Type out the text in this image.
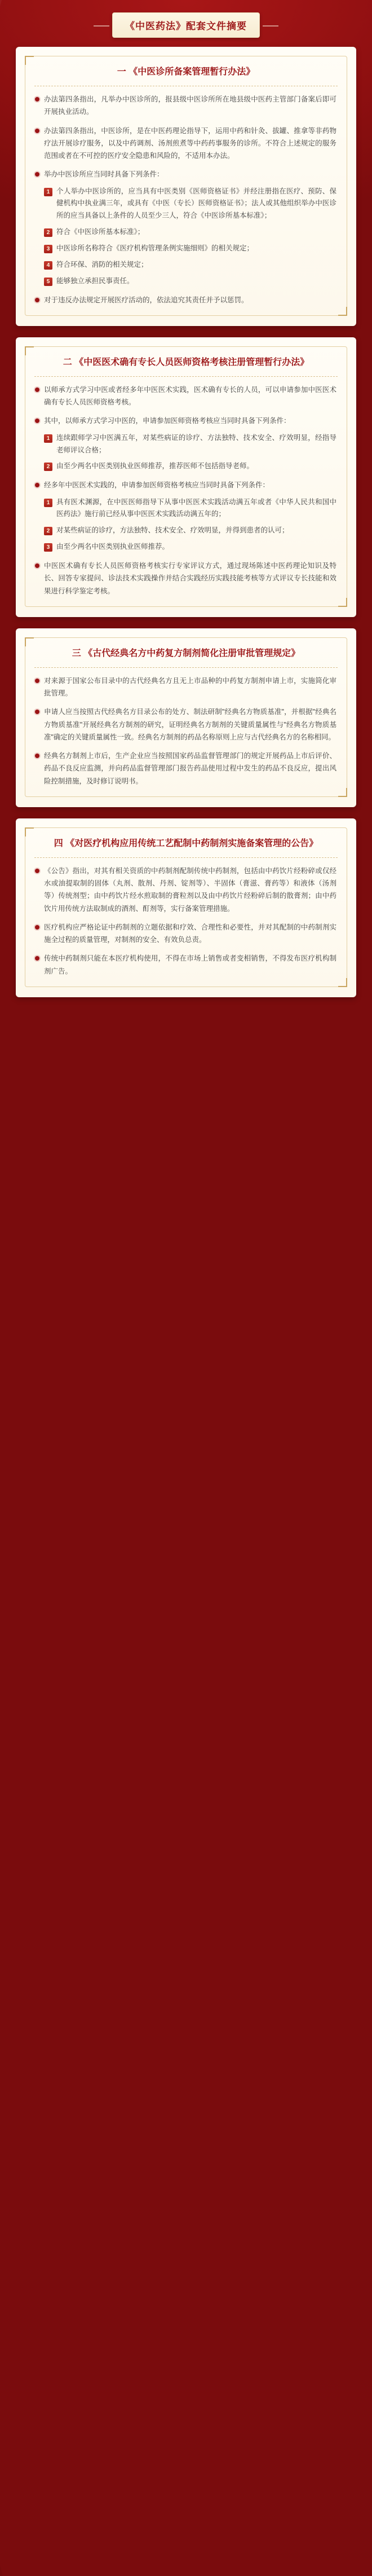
《中医药法》配套文件摘要
一 《中医诊所备案管理暂行办法》
办法第四条指出，凡举办中医诊所的，报县级中医诊所所在地县级中医药主管部门备案后即可开展执业活动。
办法第四条指出，中医诊所，是在中医药理论指导下，运用中药和针灸、拔罐、推拿等非药物疗法开展诊疗服务，以及中药调剂、汤剂煎煮等中药药事服务的诊所。不符合上述规定的服务范围或者在不可控的医疗安全隐患和风险的，不适用本办法。
举办中医诊所应当同时具备下列条件：
1 个人举办中医诊所的，应当具有中医类别《医师资格证书》并经注册指在医疗、预防、保健机构中执业满三年，或具有《中医（专长）医师资格证书》；法人或其他组织举办中医诊所的应当具备以上条件的人员至少三人，符合《中医诊所基本标准》；
2 符合《中医诊所基本标准》；
3 中医诊所名称符合《医疗机构管理条例实施细则》的相关规定；
4 符合环保、消防的相关规定；
5 能够独立承担民事责任。
对于违反办法规定开展医疗活动的，依法追究其责任并予以惩罚。
二 《中医医术确有专长人员医师资格考核注册管理暂行办法》
以师承方式学习中医或者经多年中医医术实践，医术确有专长的人员，可以申请参加中医医术确有专长人员医师资格考核。
其中，以师承方式学习中医的，申请参加医师资格考核应当同时具备下列条件：
1 连续跟师学习中医满五年，对某些病证的诊疗、方法独特、技术安全、疗效明显，经指导老师评议合格；
2 由至少两名中医类别执业医师推荐，推荐医师不包括指导老师。
经多年中医医术实践的，申请参加医师资格考核应当同时具备下列条件：
1 具有医术渊源，在中医医师指导下从事中医医术实践活动满五年或者《中华人民共和国中医药法》施行前已经从事中医医术实践活动满五年的；
2 对某些病证的诊疗，方法独特、技术安全、疗效明显，并得到患者的认可；
3 由至少两名中医类别执业医师推荐。
中医医术确有专长人员医师资格考核实行专家评议方式，通过现场陈述中医药理论知识及特长、回答专家提问、诊法技术实践操作并结合实践经历实践技能考核等方式评议专长技能和效果进行科学鉴定考核。
三 《古代经典名方中药复方制剂简化注册审批管理规定》
对来源于国家公布目录中的古代经典名方且无上市品种的中药复方制剂申请上市，实施简化审批管理。
申请人应当按照古代经典名方目录公布的处方、制法研制"经典名方物质基准"，并根据"经典名方物质基准"开展经典名方制剂的研究，证明经典名方制剂的关键质量属性与"经典名方物质基准"确定的关键质量属性一致。经典名方制剂的药品名称原则上应与古代经典名方的名称相同。
经典名方制剂上市后，生产企业应当按照国家药品监督管理部门的规定开展药品上市后评价、药品不良反应监测，并向药品监督管理部门报告药品使用过程中发生的药品不良反应，提出风险控制措施，及时修订说明书。
四 《对医疗机构应用传统工艺配制中药制剂实施备案管理的公告》
《公告》指出，对其有相关资质的中药制剂配制传统中药制剂，包括由中药饮片经粉碎或仅经水或油提取制的固体（丸剂、散剂、丹剂、锭剂等）、半固体（膏滋、膏药等）和液体（汤剂等）传统剂型；由中药饮片经水煎取制的膏粒剂以及由中药饮片经粉碎后制的散膏剂；由中药饮片用传统方法取制成的酒剂、酊剂等，实行备案管理措施。
医疗机构应严格论证中药制剂的立题依据和疗效、合理性和必要性，并对其配制的中药制剂实施全过程的质量管理，对制剂的安全、有效负总责。
传统中药制剂只能在本医疗机构使用，不得在市场上销售或者变相销售，不得发布医疗机构制剂广告。
